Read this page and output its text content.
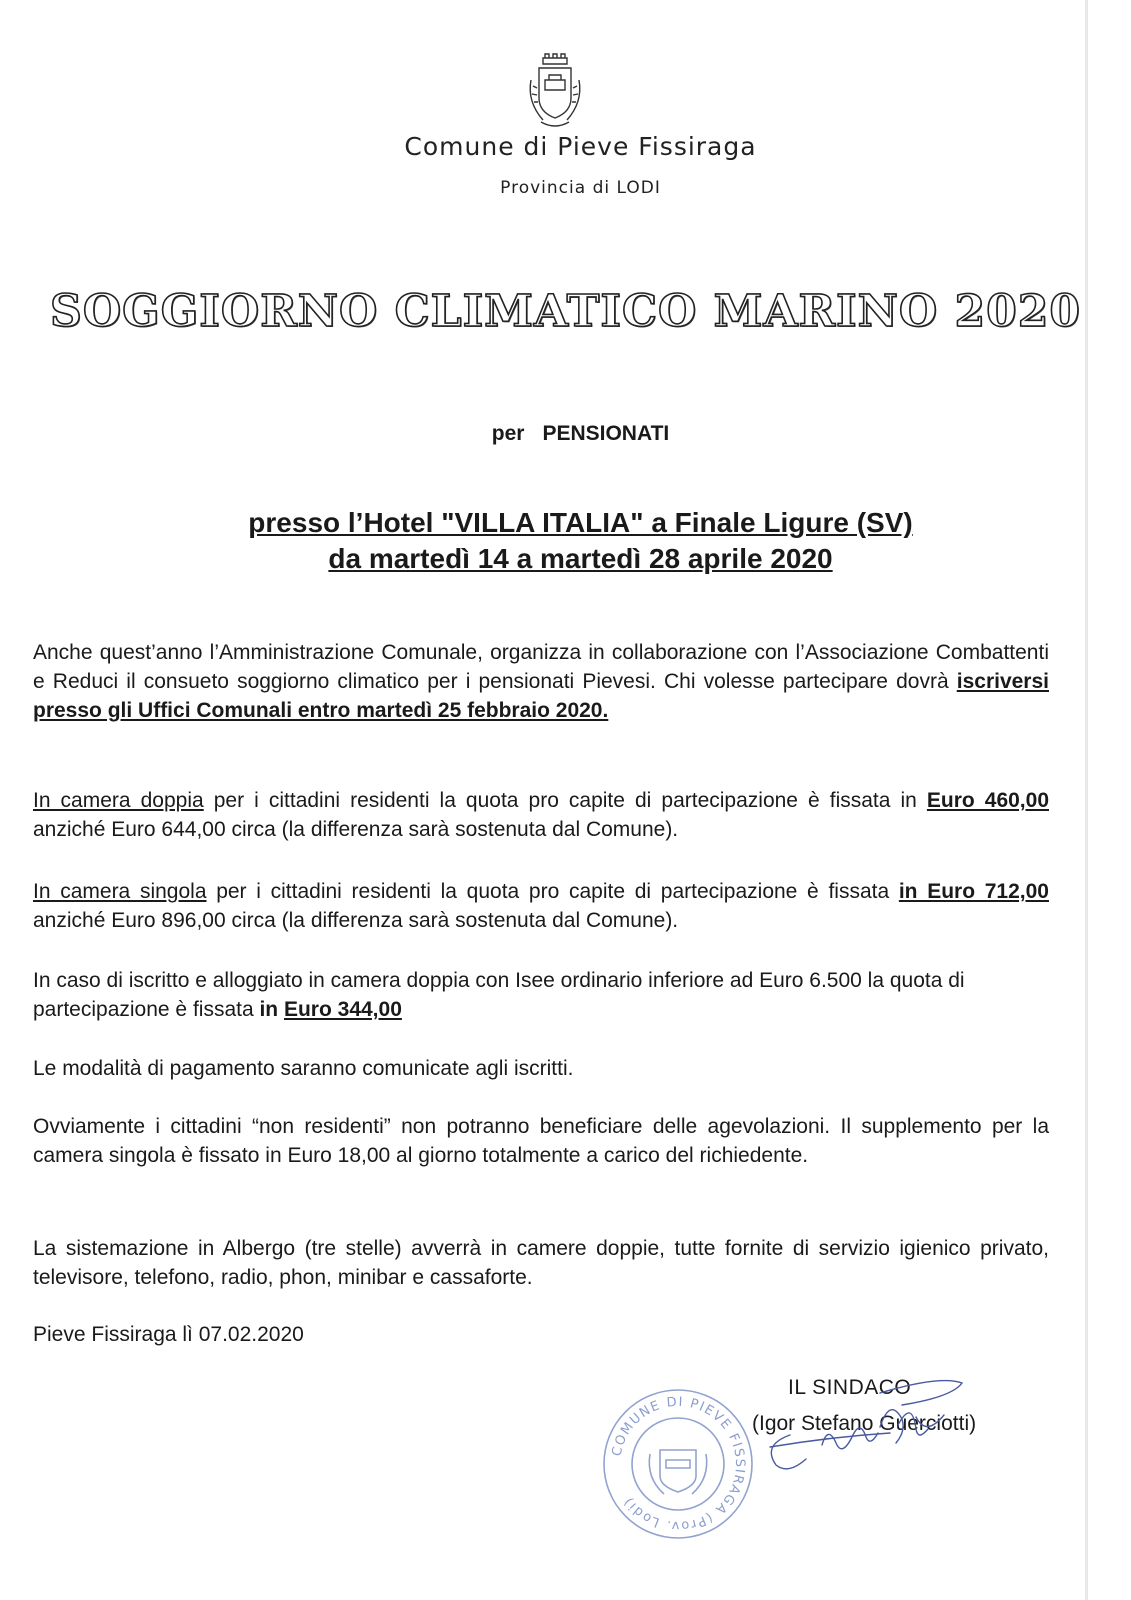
Comune di Pieve Fissiraga
Provincia di LODI
SOGGIORNO CLIMATICO MARINO 2020
per PENSIONATI
presso l’Hotel "VILLA ITALIA" a Finale Ligure (SV)
da martedì 14 a martedì 28 aprile 2020
Anche quest’anno l’Amministrazione Comunale, organizza in collaborazione con l’Associazione Combattenti e Reduci il consueto soggiorno climatico per i pensionati Pievesi. Chi volesse partecipare dovrà iscriversi presso gli Uffici Comunali entro martedì 25 febbraio 2020.
In camera doppia per i cittadini residenti la quota pro capite di partecipazione è fissata in Euro 460,00 anziché Euro 644,00 circa (la differenza sarà sostenuta dal Comune).
In camera singola per i cittadini residenti la quota pro capite di partecipazione è fissata in Euro 712,00 anziché Euro 896,00 circa (la differenza sarà sostenuta dal Comune).
In caso di iscritto e alloggiato in camera doppia con Isee ordinario inferiore ad Euro 6.500 la quota di partecipazione è fissata in Euro 344,00
Le modalità di pagamento saranno comunicate agli iscritti.
Ovviamente i cittadini “non residenti” non potranno beneficiare delle agevolazioni. Il supplemento per la camera singola è fissato in Euro 18,00 al giorno totalmente a carico del richiedente.
La sistemazione in Albergo (tre stelle) avverrà in camere doppie, tutte fornite di servizio igienico privato, televisore, telefono, radio, phon, minibar e cassaforte.
Pieve Fissiraga lì 07.02.2020
COMUNE DI PIEVE FISSIRAGA (Prov. Lodi)
IL SINDACO
(Igor Stefano Guerciotti)
